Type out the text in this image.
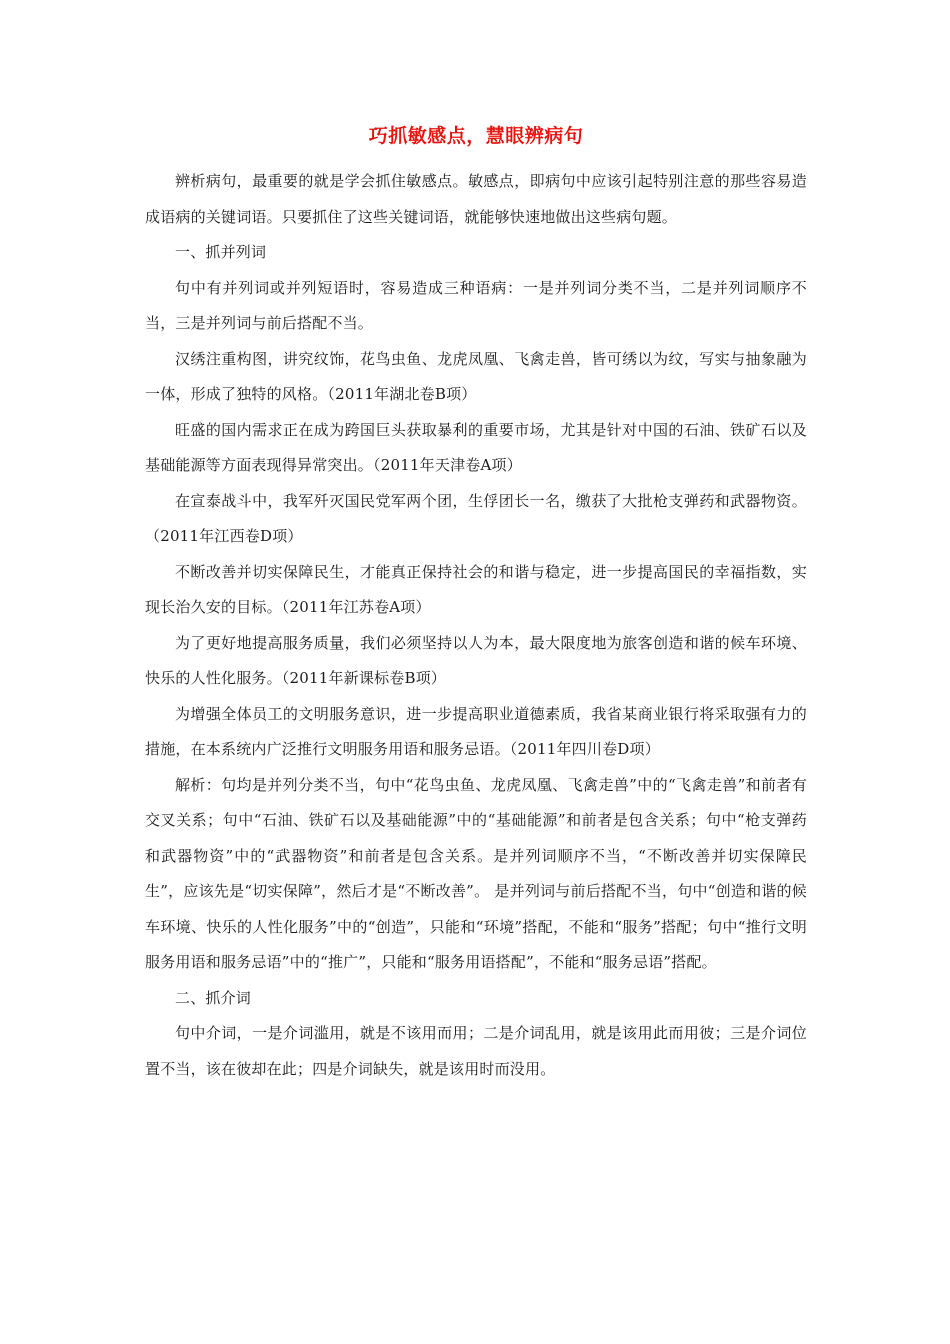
巧抓敏感点，慧眼辨病句

辨析病句，最重要的就是学会抓住敏感点。敏感点，即病句中应该引起特别注意的那些容易造成语病的关键词语。只要抓住了这些关键词语，就能够快速地做出这些病句题。

一、抓并列词

句中有并列词或并列短语时，容易造成三种语病：一是并列词分类不当，二是并列词顺序不当，三是并列词与前后搭配不当。

汉绣注重构图，讲究纹饰，花鸟虫鱼、龙虎凤凰、飞禽走兽，皆可绣以为纹，写实与抽象融为一体，形成了独特的风格。（2011年湖北卷B项）

旺盛的国内需求正在成为跨国巨头获取暴利的重要市场，尤其是针对中国的石油、铁矿石以及基础能源等方面表现得异常突出。（2011年天津卷A项）

在宣泰战斗中，我军歼灭国民党军两个团，生俘团长一名，缴获了大批枪支弹药和武器物资。（2011年江西卷D项）

不断改善并切实保障民生，才能真正保持社会的和谐与稳定，进一步提高国民的幸福指数，实现长治久安的目标。（2011年江苏卷A项）

为了更好地提高服务质量，我们必须坚持以人为本，最大限度地为旅客创造和谐的候车环境、快乐的人性化服务。（2011年新课标卷B项）

为增强全体员工的文明服务意识，进一步提高职业道德素质，我省某商业银行将采取强有力的措施，在本系统内广泛推行文明服务用语和服务忌语。（2011年四川卷D项）

解析：句均是并列分类不当，句中“花鸟虫鱼、龙虎凤凰、飞禽走兽”中的“飞禽走兽”和前者有交叉关系；句中“石油、铁矿石以及基础能源”中的“基础能源”和前者是包含关系；句中“枪支弹药和武器物资”中的“武器物资”和前者是包含关系。是并列词顺序不当，“不断改善并切实保障民生”，应该先是“切实保障”，然后才是“不断改善”。 是并列词与前后搭配不当，句中“创造和谐的候车环境、快乐的人性化服务”中的“创造”，只能和“环境”搭配，不能和“服务”搭配；句中“推行文明服务用语和服务忌语”中的“推广”，只能和“服务用语搭配”，不能和“服务忌语”搭配。

二、抓介词

句中介词，一是介词滥用，就是不该用而用；二是介词乱用，就是该用此而用彼；三是介词位置不当，该在彼却在此；四是介词缺失，就是该用时而没用。
